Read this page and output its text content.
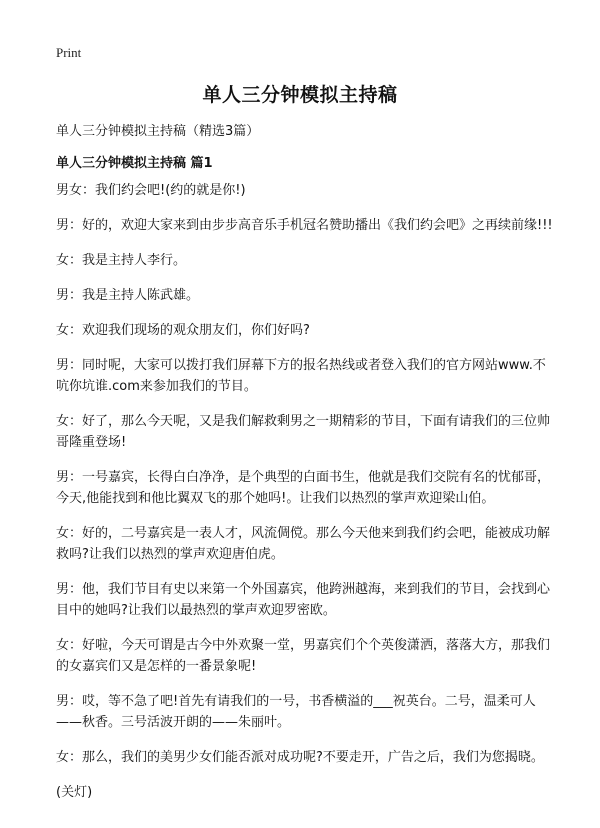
Print
单人三分钟模拟主持稿
单人三分钟模拟主持稿（精选3篇）
单人三分钟模拟主持稿 篇1

男女：我们约会吧!(约的就是你!)

男：好的，欢迎大家来到由步步高音乐手机冠名赞助播出《我们约会吧》之再续前缘!!!

女：我是主持人李行。

男：我是主持人陈武雄。

女：欢迎我们现场的观众朋友们，你们好吗?

男：同时呢，大家可以拨打我们屏幕下方的报名热线或者登入我们的官方网站www.不吭你坑谁.com来参加我们的节目。

女：好了，那么今天呢，又是我们解救剩男之一期精彩的节目，下面有请我们的三位帅哥隆重登场!

男：一号嘉宾，长得白白净净，是个典型的白面书生，他就是我们交院有名的忧郁哥，今天,他能找到和他比翼双飞的那个她吗!。让我们以热烈的掌声欢迎梁山伯。

女：好的，二号嘉宾是一表人才，风流倜傥。那么今天他来到我们约会吧，能被成功解救吗?让我们以热烈的掌声欢迎唐伯虎。

男：他，我们节目有史以来第一个外国嘉宾，他跨洲越海，来到我们的节目，会找到心目中的她吗?让我们以最热烈的掌声欢迎罗密欧。

女：好啦，今天可谓是古今中外欢聚一堂，男嘉宾们个个英俊潇洒，落落大方，那我们的女嘉宾们又是怎样的一番景象呢!

男：哎，等不急了吧!首先有请我们的一号，书香横溢的___祝英台。二号，温柔可人——秋香。三号活波开朗的——朱丽叶。

女：那么，我们的美男少女们能否派对成功呢?不要走开，广告之后，我们为您揭晓。

(关灯)
